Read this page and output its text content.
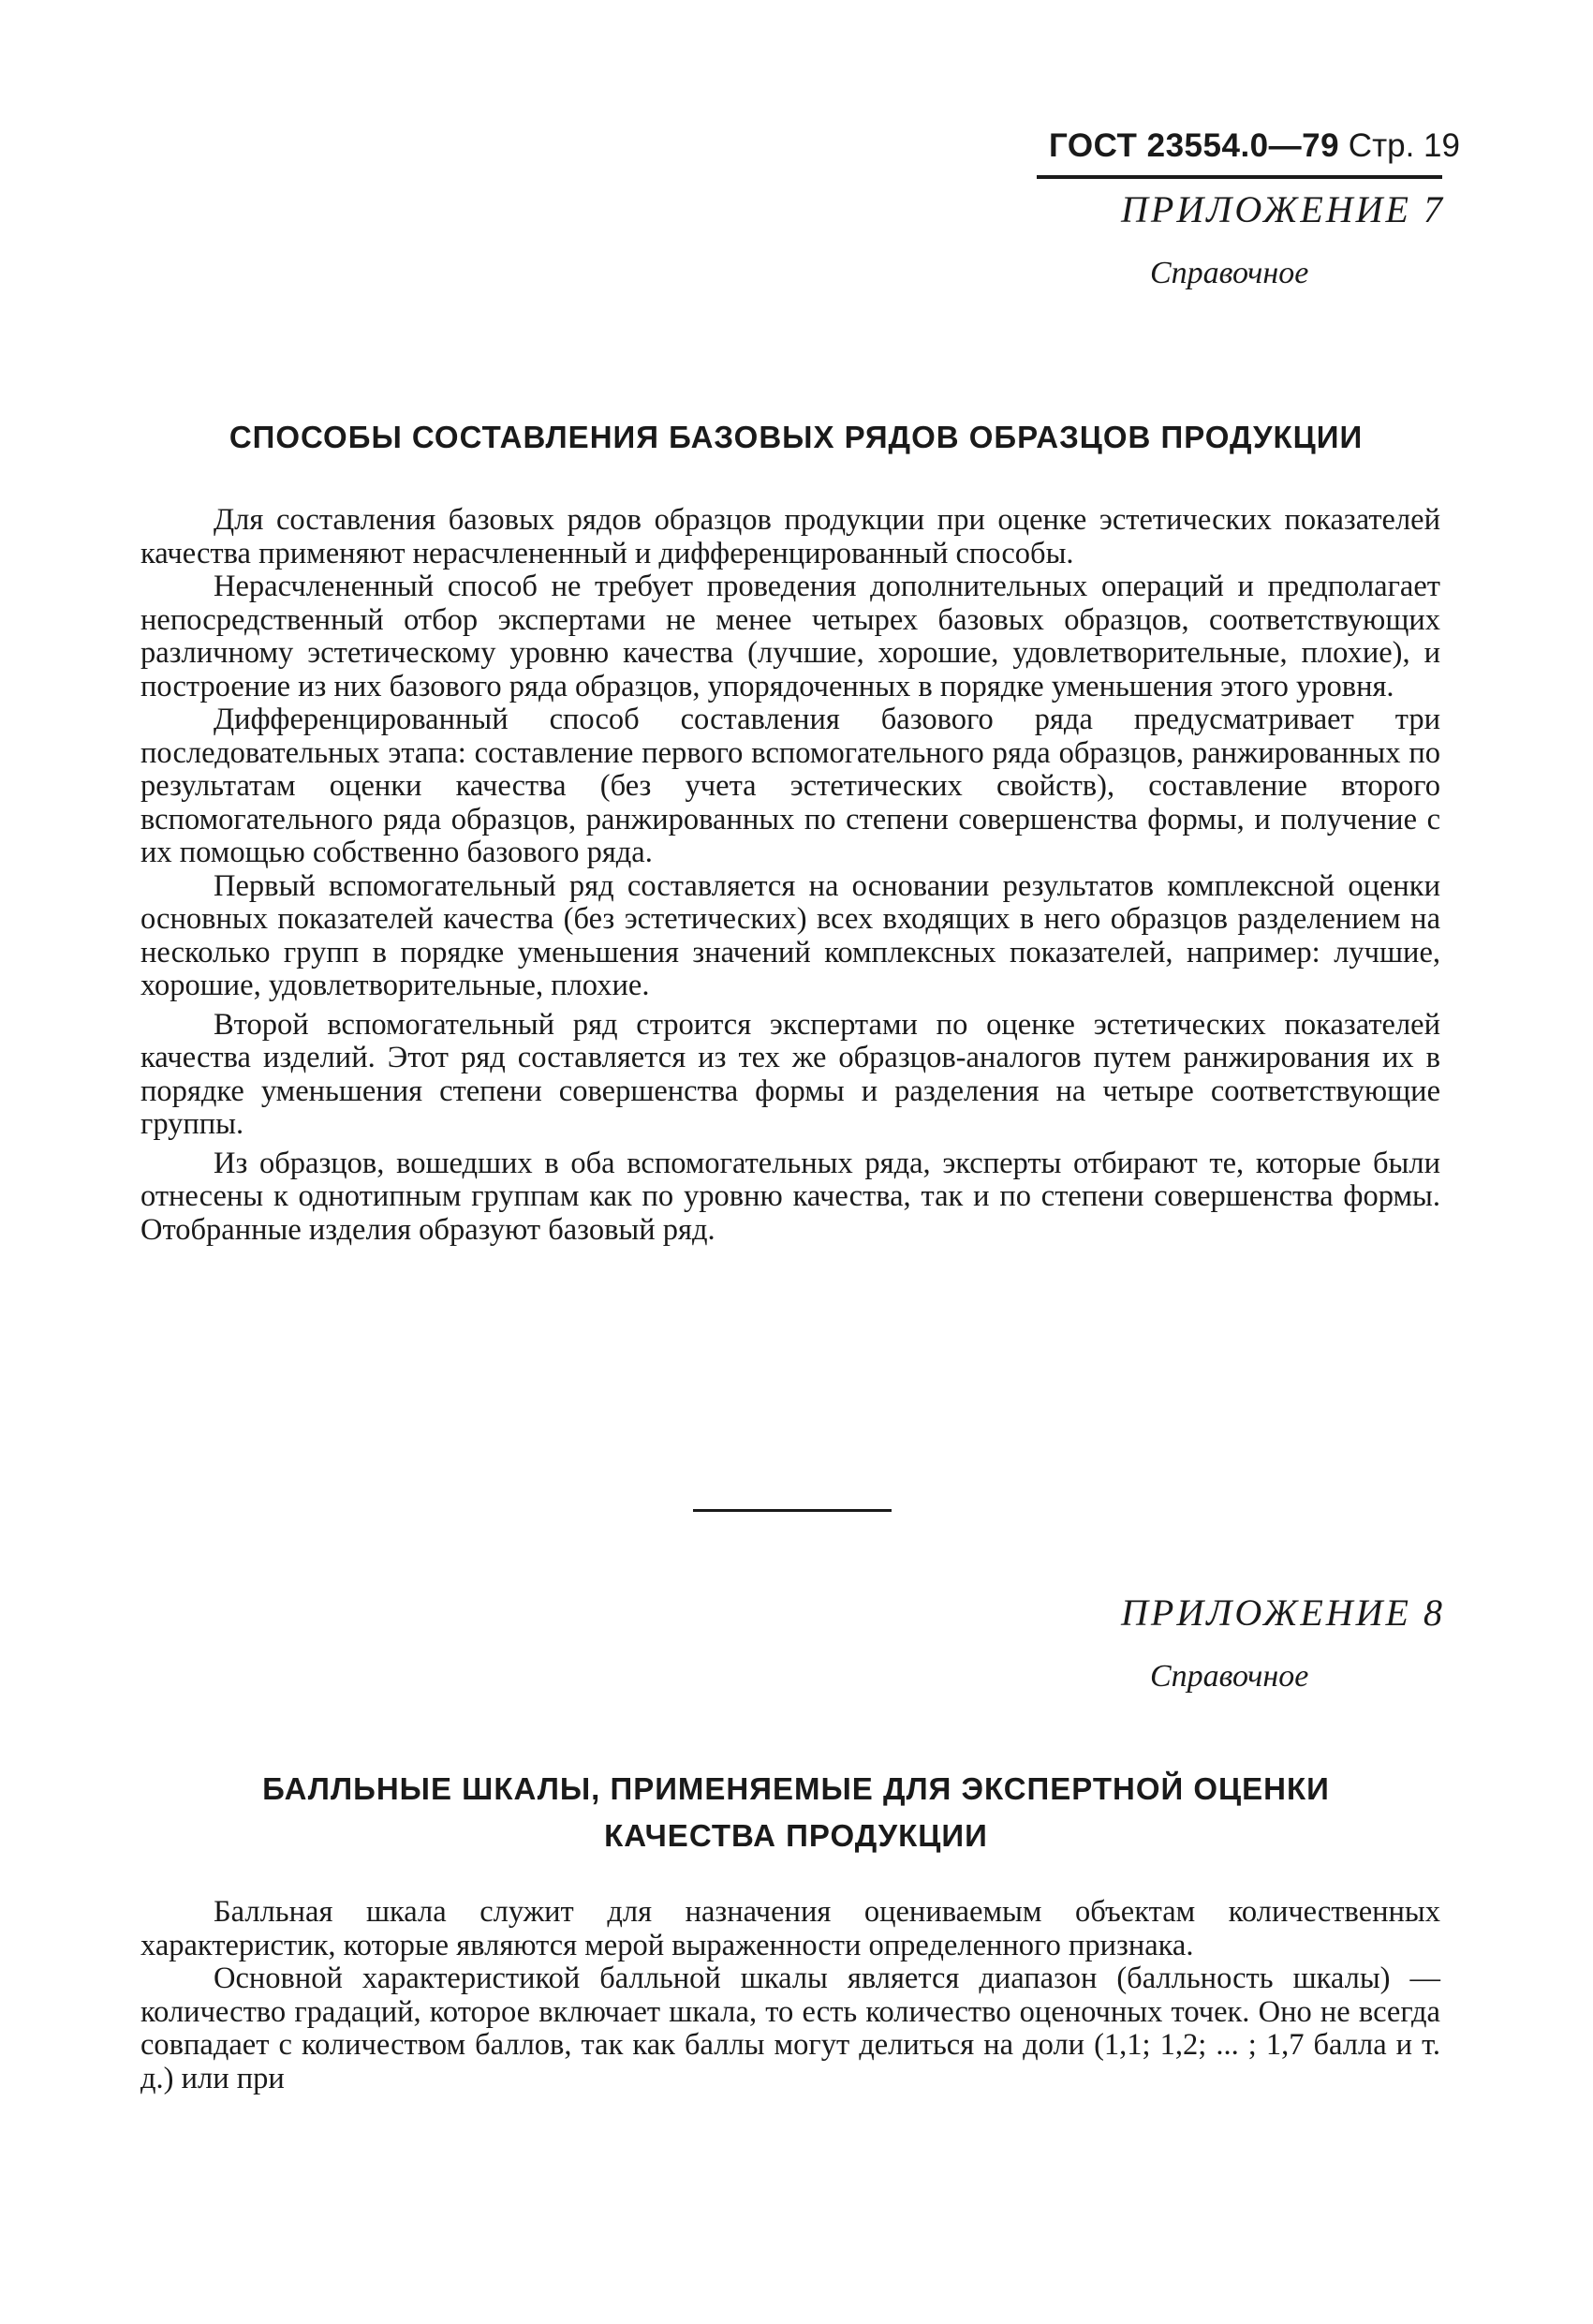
ГОСТ 23554.0—79 Стр. 19
ПРИЛОЖЕНИЕ 7
Справочное
СПОСОБЫ СОСТАВЛЕНИЯ БАЗОВЫХ РЯДОВ ОБРАЗЦОВ ПРОДУКЦИИ

Для составления базовых рядов образцов продукции при оценке эстетических показателей качества применяют нерасчлененный и дифференцированный способы.

Нерасчлененный способ не требует проведения дополнительных операций и предполагает непосредственный отбор экспертами не менее четырех базовых образцов, соответствующих различному эстетическому уровню качества (лучшие, хорошие, удовлетворительные, плохие), и построение из них базового ряда образцов, упорядоченных в порядке уменьшения этого уровня.

Дифференцированный способ составления базового ряда предусматривает три последовательных этапа: составление первого вспомогательного ряда образцов, ранжированных по результатам оценки качества (без учета эстетических свойств), составление второго вспомогательного ряда образцов, ранжированных по степени совершенства формы, и получение с их помощью собственно базового ряда.

Первый вспомогательный ряд составляется на основании результатов комплексной оценки основных показателей качества (без эстетических) всех входящих в него образцов разделением на несколько групп в порядке уменьшения значений комплексных показателей, например: лучшие, хорошие, удовлетворительные, плохие.

Второй вспомогательный ряд строится экспертами по оценке эстетических показателей качества изделий. Этот ряд составляется из тех же образцов-аналогов путем ранжирования их в порядке уменьшения степени совершенства формы и разделения на четыре соответствующие группы.

Из образцов, вошедших в оба вспомогательных ряда, эксперты отбирают те, которые были отнесены к однотипным группам как по уровню качества, так и по степени совершенства формы. Отобранные изделия образуют базовый ряд.

ПРИЛОЖЕНИЕ 8
Справочное
БАЛЛЬНЫЕ ШКАЛЫ, ПРИМЕНЯЕМЫЕ ДЛЯ ЭКСПЕРТНОЙ ОЦЕНКИ
КАЧЕСТВА ПРОДУКЦИИ

Балльная шкала служит для назначения оцениваемым объектам количественных характеристик, которые являются мерой выраженности определенного признака.

Основной характеристикой балльной шкалы является диапазон (балльность шкалы) — количество градаций, которое включает шкала, то есть количество оценочных точек. Оно не всегда совпадает с количеством баллов, так как баллы могут делиться на доли (1,1; 1,2; ... ; 1,7 балла и т. д.) или при
